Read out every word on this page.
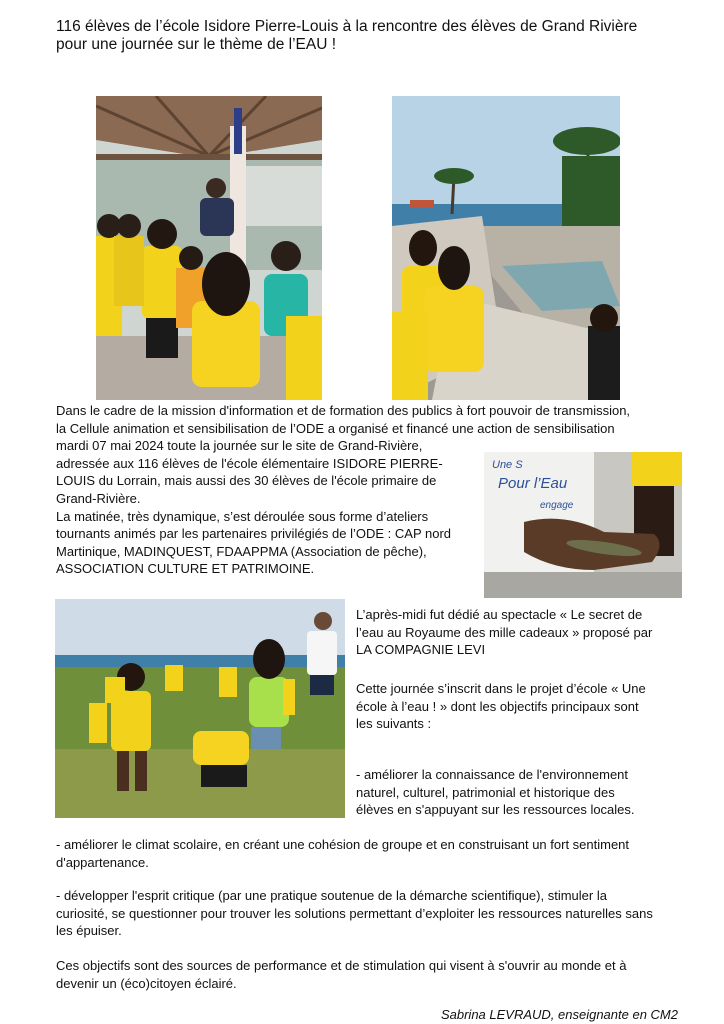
116 élèves de l’école Isidore Pierre-Louis à la rencontre des élèves de Grand Rivière
pour une journée sur le thème de l’EAU !
Dans le cadre de la mission d'information et de formation des publics à fort pouvoir de transmission,
la Cellule animation et sensibilisation de l’ODE a organisé et financé une action de sensibilisation
mardi 07 mai 2024 toute la journée sur le site de Grand-Rivière,
adressée aux 116 élèves de l'école élémentaire ISIDORE PIERRE-
LOUIS du Lorrain, mais aussi des 30 élèves de l'école primaire de
Grand-Rivière.
La matinée, très dynamique, s’est déroulée sous forme d’ateliers
tournants animés par les partenaires privilégiés de l’ODE : CAP nord
Martinique, MADINQUEST, FDAAPPMA (Association de pêche),
ASSOCIATION CULTURE ET PATRIMOINE.
Une S
Pour l’Eau
engage
L’après-midi fut dédié au spectacle « Le secret de
l’eau au Royaume des mille cadeaux » proposé par
LA COMPAGNIE LEVI
Cette journée s’inscrit dans le projet d’école « Une
école à l’eau ! » dont les objectifs principaux sont
les suivants :
- améliorer la connaissance de l'environnement
naturel, culturel, patrimonial et historique des
élèves en s'appuyant sur les ressources locales.
- améliorer le climat scolaire, en créant une cohésion de groupe et en construisant un fort sentiment
d'appartenance.
- développer l'esprit critique (par une pratique soutenue de la démarche scientifique), stimuler la
curiosité, se questionner pour trouver les solutions permettant d’exploiter les ressources naturelles sans
les épuiser.
Ces objectifs sont des sources de performance et de stimulation qui visent à s'ouvrir au monde et à
devenir un (éco)citoyen éclairé.
Sabrina LEVRAUD, enseignante en CM2
